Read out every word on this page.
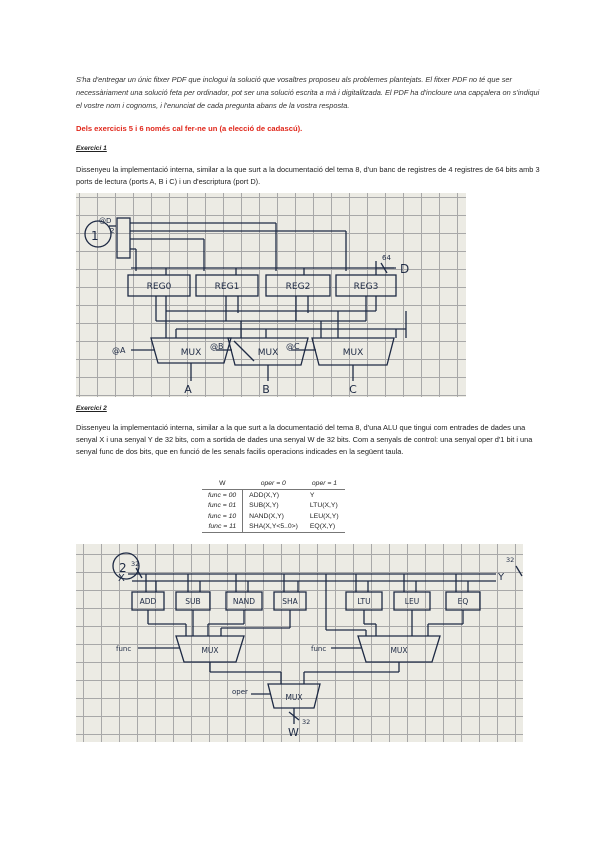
S'ha d'entregar un únic fitxer PDF que inclogui la solució que vosaltres proposeu als problemes plantejats. El fitxer PDF no té que ser necessàriament una solució feta per ordinador, pot ser una solució escrita a mà i digitalitzada. El PDF ha d'incloure una capçalera on s'indiqui el vostre nom i cognoms, i l'enunciat de cada pregunta abans de la vostra resposta.
Dels exercicis 5 i 6 només cal fer-ne un (a elecció de cadascú).
Exercici 1
Dissenyeu la implementació interna, similar a la que surt a la documentació del tema 8, d'un banc de registres de 4 registres de 64 bits amb 3 ports de lectura (ports A, B i C) i un d'escriptura (port D).
1
@D
2
64
D
REG0	REG1	REG2	REG3
MUX	MUX	MUX
@A	@B	@C
A	B	C
Exercici 2
Dissenyeu la implementació interna, similar a la que surt a la documentació del tema 8, d'una ALU que tingui com entrades de dades una senyal X i una senyal Y de 32 bits, com a sortida de dades una senyal W de 32 bits. Com a senyals de control: una senyal oper d'1 bit i una senyal func de dos bits, que en funció de les senals facilis operacions indicades en la següent taula.
W	oper = 0	oper = 1
func = 00	ADD(X,Y)	Y
func = 01	SUB(X,Y)	LTU(X,Y)
func = 10	NAND(X,Y)	LEU(X,Y)
func = 11	SHA(X,Y<5..0>)	EQ(X,Y)
2
X	Y
32	32
32
ADD	SUB	NAND	SHA	LTU	LEU	EQ
MUX	MUX
MUX
func	func
oper
W
